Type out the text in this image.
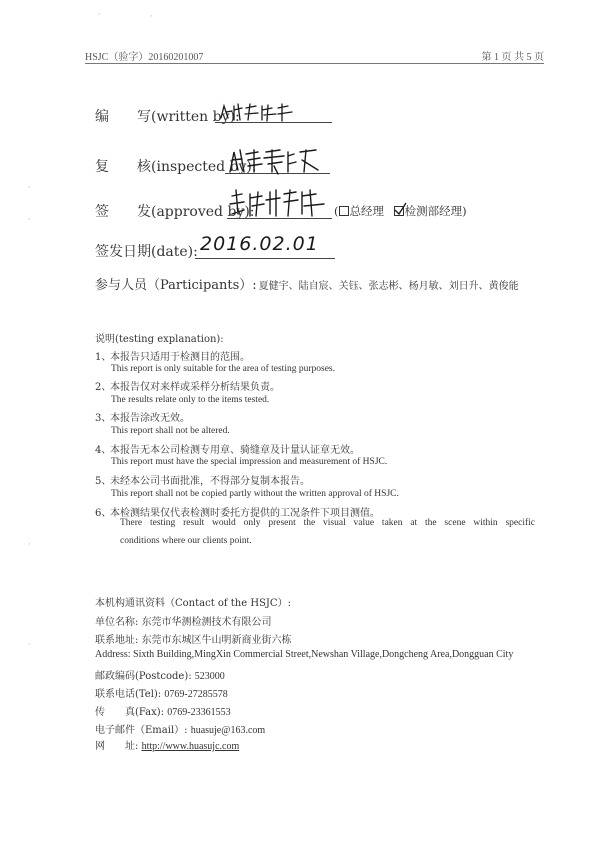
·	·
·
·
·
·
HSJC（验字）20160201007	第 1 页 共 5 页
编　　写(written by):
复　　核(inspected by):
签　　发(approved by):	( 总经理 检测部经理)
签发日期(date): 2016.02.01
参与人员（Participants）: 夏健宇、陆自宸、关钰、张志彬、杨月敏、刘日升、黄俊能
说明(testing explanation):
1、本报告只适用于检测目的范围。
This report is only suitable for the area of testing purposes.
2、本报告仅对来样或采样分析结果负责。
The results relate only to the items tested.
3、本报告涂改无效。
This report shall not be altered.
4、本报告无本公司检测专用章、骑缝章及计量认证章无效。
This report must have the special impression and measurement of HSJC.
5、未经本公司书面批准，不得部分复制本报告。
This report shall not be copied partly without the written approval of HSJC.
6、本检测结果仅代表检测时委托方提供的工况条件下项目测值。
There testing result would only present the visual value taken at the scene within specific
conditions where our clients point.
本机构通讯资料（Contact of the HSJC）:
单位名称: 东莞市华测检测技术有限公司
联系地址: 东莞市东城区牛山明新商业街六栋
Address: Sixth Building,MingXin Commercial Street,Newshan Village,Dongcheng Area,Dongguan City
邮政编码(Postcode): 523000
联系电话(Tel): 0769-27285578
传　　真(Fax): 0769-23361553
电子邮件（Email）: huasuje@163.com
网　　址: http://www.huasujc.com
